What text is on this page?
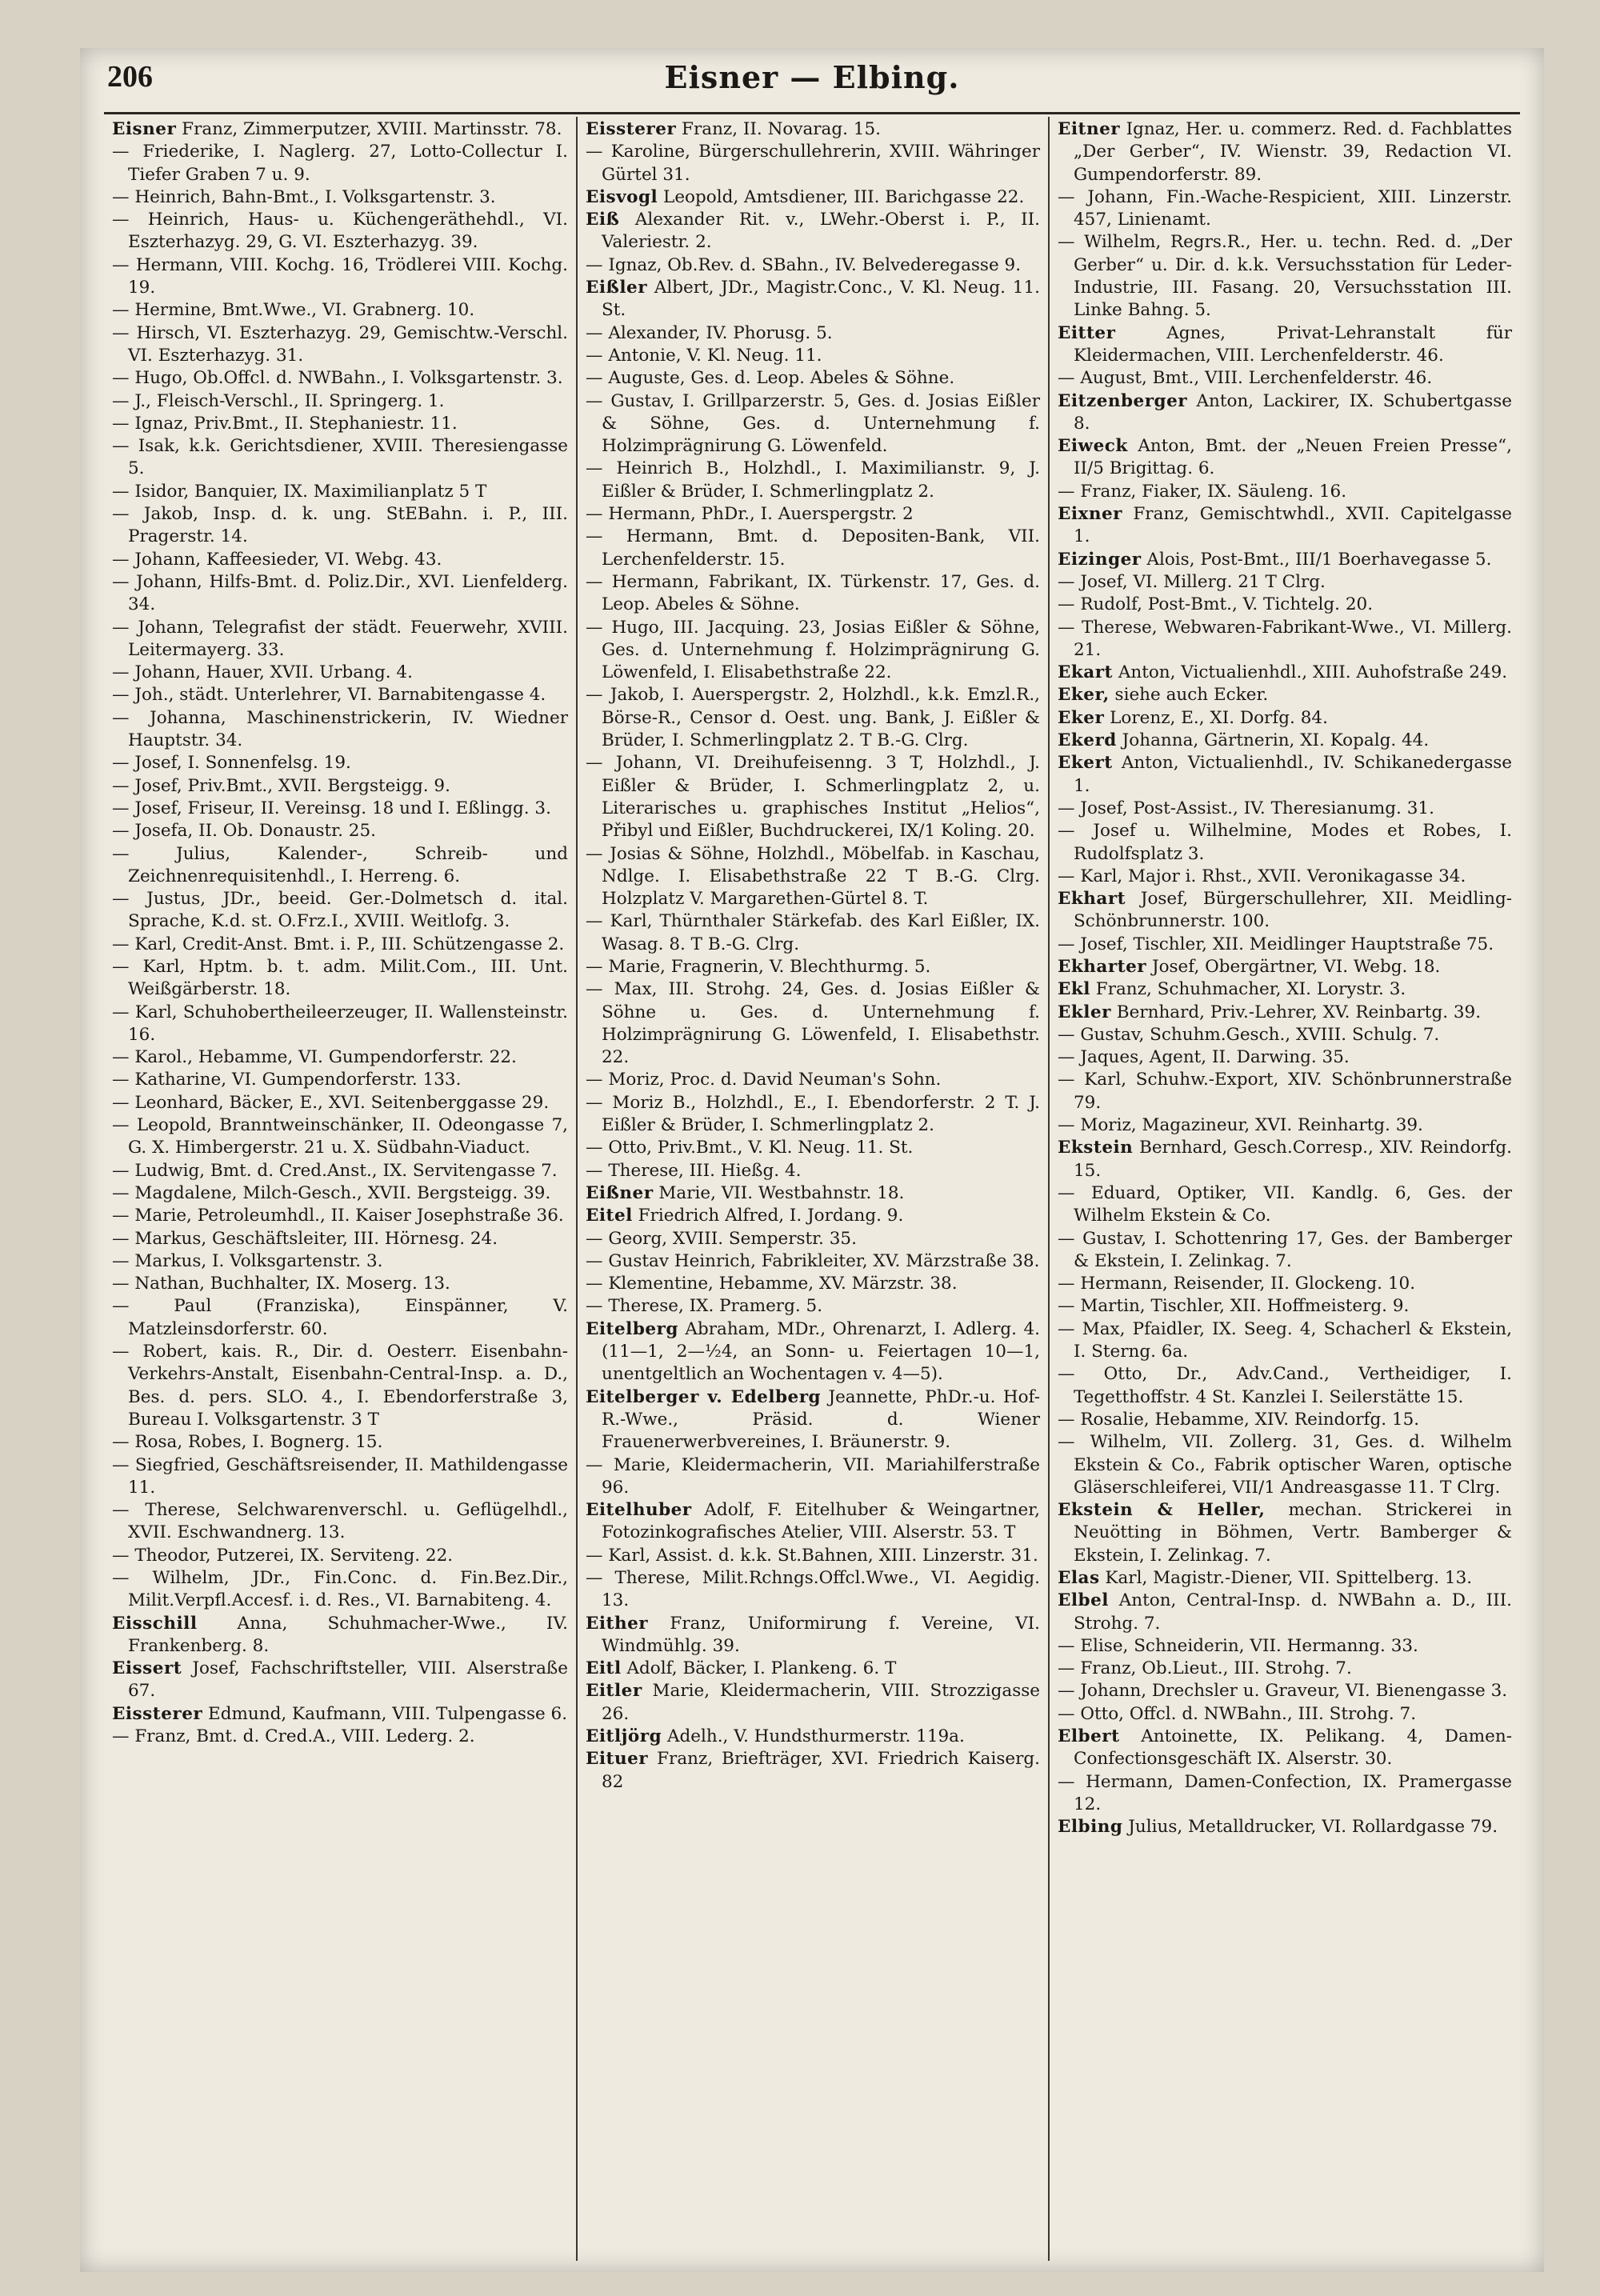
206	Eisner — Elbing.
Eisner Franz, Zimmerputzer, XVIII. Martinsstr. 78.
— Friederike, I. Naglerg. 27, Lotto-Collectur I. Tiefer Graben 7 u. 9.
— Heinrich, Bahn-Bmt., I. Volksgartenstr. 3.
— Heinrich, Haus- u. Küchengeräthehdl., VI. Eszterhazyg. 29, G. VI. Eszterhazyg. 39.
— Hermann, VIII. Kochg. 16, Trödlerei VIII. Kochg. 19.
— Hermine, Bmt.Wwe., VI. Grabnerg. 10.
— Hirsch, VI. Eszterhazyg. 29, Gemischtw.-Verschl. VI. Eszterhazyg. 31.
— Hugo, Ob.Offcl. d. NWBahn., I. Volksgartenstr. 3.
— J., Fleisch-Verschl., II. Springerg. 1.
— Ignaz, Priv.Bmt., II. Stephaniestr. 11.
— Isak, k.k. Gerichtsdiener, XVIII. Theresiengasse 5.
— Isidor, Banquier, IX. Maximilianplatz 5 T
— Jakob, Insp. d. k. ung. StEBahn. i. P., III. Pragerstr. 14.
— Johann, Kaffeesieder, VI. Webg. 43.
— Johann, Hilfs-Bmt. d. Poliz.Dir., XVI. Lienfelderg. 34.
— Johann, Telegrafist der städt. Feuerwehr, XVIII. Leitermayerg. 33.
— Johann, Hauer, XVII. Urbang. 4.
— Joh., städt. Unterlehrer, VI. Barnabitengasse 4.
— Johanna, Maschinenstrickerin, IV. Wiedner Hauptstr. 34.
— Josef, I. Sonnenfelsg. 19.
— Josef, Priv.Bmt., XVII. Bergsteigg. 9.
— Josef, Friseur, II. Vereinsg. 18 und I. Eßlingg. 3.
— Josefa, II. Ob. Donaustr. 25.
— Julius, Kalender-, Schreib- und Zeichnenrequisitenhdl., I. Herreng. 6.
— Justus, JDr., beeid. Ger.-Dolmetsch d. ital. Sprache, K.d. st. O.Frz.I., XVIII. Weitlofg. 3.
— Karl, Credit-Anst. Bmt. i. P., III. Schützengasse 2.
— Karl, Hptm. b. t. adm. Milit.Com., III. Unt. Weißgärberstr. 18.
— Karl, Schuhobertheileerzeuger, II. Wallensteinstr. 16.
— Karol., Hebamme, VI. Gumpendorferstr. 22.
— Katharine, VI. Gumpendorferstr. 133.
— Leonhard, Bäcker, E., XVI. Seitenberggasse 29.
— Leopold, Branntweinschänker, II. Odeongasse 7, G. X. Himbergerstr. 21 u. X. Südbahn-Viaduct.
— Ludwig, Bmt. d. Cred.Anst., IX. Servitengasse 7.
— Magdalene, Milch-Gesch., XVII. Bergsteigg. 39.
— Marie, Petroleumhdl., II. Kaiser Josephstraße 36.
— Markus, Geschäftsleiter, III. Hörnesg. 24.
— Markus, I. Volksgartenstr. 3.
— Nathan, Buchhalter, IX. Moserg. 13.
— Paul (Franziska), Einspänner, V. Matzleinsdorferstr. 60.
— Robert, kais. R., Dir. d. Oesterr. Eisenbahn-Verkehrs-Anstalt, Eisenbahn-Central-Insp. a. D., Bes. d. pers. SLO. 4., I. Ebendorferstraße 3, Bureau I. Volksgartenstr. 3 T
— Rosa, Robes, I. Bognerg. 15.
— Siegfried, Geschäftsreisender, II. Mathildengasse 11.
— Therese, Selchwarenverschl. u. Geflügelhdl., XVII. Eschwandnerg. 13.
— Theodor, Putzerei, IX. Serviteng. 22.
— Wilhelm, JDr., Fin.Conc. d. Fin.Bez.Dir., Milit.Verpfl.Accesf. i. d. Res., VI. Barnabiteng. 4.
Eisschill Anna, Schuhmacher-Wwe., IV. Frankenberg. 8.
Eissert Josef, Fachschriftsteller, VIII. Alserstraße 67.
Eissterer Edmund, Kaufmann, VIII. Tulpengasse 6.
— Franz, Bmt. d. Cred.A., VIII. Lederg. 2.
Eissterer Franz, II. Novarag. 15.
— Karoline, Bürgerschullehrerin, XVIII. Währinger Gürtel 31.
Eisvogl Leopold, Amtsdiener, III. Barichgasse 22.
Eiß Alexander Rit. v., LWehr.-Oberst i. P., II. Valeriestr. 2.
— Ignaz, Ob.Rev. d. SBahn., IV. Belvederegasse 9.
Eißler Albert, JDr., Magistr.Conc., V. Kl. Neug. 11. St.
— Alexander, IV. Phorusg. 5.
— Antonie, V. Kl. Neug. 11.
— Auguste, Ges. d. Leop. Abeles & Söhne.
— Gustav, I. Grillparzerstr. 5, Ges. d. Josias Eißler & Söhne, Ges. d. Unternehmung f. Holzimprägnirung G. Löwenfeld.
— Heinrich B., Holzhdl., I. Maximilianstr. 9, J. Eißler & Brüder, I. Schmerlingplatz 2.
— Hermann, PhDr., I. Auerspergstr. 2
— Hermann, Bmt. d. Depositen-Bank, VII. Lerchenfelderstr. 15.
— Hermann, Fabrikant, IX. Türkenstr. 17, Ges. d. Leop. Abeles & Söhne.
— Hugo, III. Jacquing. 23, Josias Eißler & Söhne, Ges. d. Unternehmung f. Holzimprägnirung G. Löwenfeld, I. Elisabethstraße 22.
— Jakob, I. Auerspergstr. 2, Holzhdl., k.k. Emzl.R., Börse-R., Censor d. Oest. ung. Bank, J. Eißler & Brüder, I. Schmerlingplatz 2. T B.-G. Clrg.
— Johann, VI. Dreihufeisenng. 3 T, Holzhdl., J. Eißler & Brüder, I. Schmerlingplatz 2, u. Literarisches u. graphisches Institut „Helios“, Přibyl und Eißler, Buchdruckerei, IX/1 Koling. 20.
— Josias & Söhne, Holzhdl., Möbelfab. in Kaschau, Ndlge. I. Elisabethstraße 22 T B.-G. Clrg. Holzplatz V. Margarethen-Gürtel 8. T.
— Karl, Thürnthaler Stärkefab. des Karl Eißler, IX. Wasag. 8. T B.-G. Clrg.
— Marie, Fragnerin, V. Blechthurmg. 5.
— Max, III. Strohg. 24, Ges. d. Josias Eißler & Söhne u. Ges. d. Unternehmung f. Holzimprägnirung G. Löwenfeld, I. Elisabethstr. 22.
— Moriz, Proc. d. David Neuman's Sohn.
— Moriz B., Holzhdl., E., I. Ebendorferstr. 2 T. J. Eißler & Brüder, I. Schmerlingplatz 2.
— Otto, Priv.Bmt., V. Kl. Neug. 11. St.
— Therese, III. Hießg. 4.
Eißner Marie, VII. Westbahnstr. 18.
Eitel Friedrich Alfred, I. Jordang. 9.
— Georg, XVIII. Semperstr. 35.
— Gustav Heinrich, Fabrikleiter, XV. Märzstraße 38.
— Klementine, Hebamme, XV. Märzstr. 38.
— Therese, IX. Pramerg. 5.
Eitelberg Abraham, MDr., Ohrenarzt, I. Adlerg. 4. (11—1, 2—½4, an Sonn- u. Feiertagen 10—1, unentgeltlich an Wochentagen v. 4—5).
Eitelberger v. Edelberg Jeannette, PhDr.-u. Hof-R.-Wwe., Präsid. d. Wiener Frauenerwerbvereines, I. Bräunerstr. 9.
— Marie, Kleidermacherin, VII. Mariahilferstraße 96.
Eitelhuber Adolf, F. Eitelhuber & Weingartner, Fotozinkografisches Atelier, VIII. Alserstr. 53. T
— Karl, Assist. d. k.k. St.Bahnen, XIII. Linzerstr. 31.
— Therese, Milit.Rchngs.Offcl.Wwe., VI. Aegidig. 13.
Either Franz, Uniformirung f. Vereine, VI. Windmühlg. 39.
Eitl Adolf, Bäcker, I. Plankeng. 6. T
Eitler Marie, Kleidermacherin, VIII. Strozzigasse 26.
Eitljörg Adelh., V. Hundsthurmerstr. 119a.
Eituer Franz, Briefträger, XVI. Friedrich Kaiserg. 82
Eitner Ignaz, Her. u. commerz. Red. d. Fachblattes „Der Gerber“, IV. Wienstr. 39, Redaction VI. Gumpendorferstr. 89.
— Johann, Fin.-Wache-Respicient, XIII. Linzerstr. 457, Linienamt.
— Wilhelm, Regrs.R., Her. u. techn. Red. d. „Der Gerber“ u. Dir. d. k.k. Versuchsstation für Leder-Industrie, III. Fasang. 20, Versuchsstation III. Linke Bahng. 5.
Eitter Agnes, Privat-Lehranstalt für Kleidermachen, VIII. Lerchenfelderstr. 46.
— August, Bmt., VIII. Lerchenfelderstr. 46.
Eitzenberger Anton, Lackirer, IX. Schubertgasse 8.
Eiweck Anton, Bmt. der „Neuen Freien Presse“, II/5 Brigittag. 6.
— Franz, Fiaker, IX. Säuleng. 16.
Eixner Franz, Gemischtwhdl., XVII. Capitelgasse 1.
Eizinger Alois, Post-Bmt., III/1 Boerhavegasse 5.
— Josef, VI. Millerg. 21 T Clrg.
— Rudolf, Post-Bmt., V. Tichtelg. 20.
— Therese, Webwaren-Fabrikant-Wwe., VI. Millerg. 21.
Ekart Anton, Victualienhdl., XIII. Auhofstraße 249.
Eker, siehe auch Ecker.
Eker Lorenz, E., XI. Dorfg. 84.
Ekerd Johanna, Gärtnerin, XI. Kopalg. 44.
Ekert Anton, Victualienhdl., IV. Schikanedergasse 1.
— Josef, Post-Assist., IV. Theresianumg. 31.
— Josef u. Wilhelmine, Modes et Robes, I. Rudolfsplatz 3.
— Karl, Major i. Rhst., XVII. Veronikagasse 34.
Ekhart Josef, Bürgerschullehrer, XII. Meidling-Schönbrunnerstr. 100.
— Josef, Tischler, XII. Meidlinger Hauptstraße 75.
Ekharter Josef, Obergärtner, VI. Webg. 18.
Ekl Franz, Schuhmacher, XI. Lorystr. 3.
Ekler Bernhard, Priv.-Lehrer, XV. Reinbartg. 39.
— Gustav, Schuhm.Gesch., XVIII. Schulg. 7.
— Jaques, Agent, II. Darwing. 35.
— Karl, Schuhw.-Export, XIV. Schönbrunnerstraße 79.
— Moriz, Magazineur, XVI. Reinhartg. 39.
Ekstein Bernhard, Gesch.Corresp., XIV. Reindorfg. 15.
— Eduard, Optiker, VII. Kandlg. 6, Ges. der Wilhelm Ekstein & Co.
— Gustav, I. Schottenring 17, Ges. der Bamberger & Ekstein, I. Zelinkag. 7.
— Hermann, Reisender, II. Glockeng. 10.
— Martin, Tischler, XII. Hoffmeisterg. 9.
— Max, Pfaidler, IX. Seeg. 4, Schacherl & Ekstein, I. Sterng. 6a.
— Otto, Dr., Adv.Cand., Vertheidiger, I. Tegetthoffstr. 4 St. Kanzlei I. Seilerstätte 15.
— Rosalie, Hebamme, XIV. Reindorfg. 15.
— Wilhelm, VII. Zollerg. 31, Ges. d. Wilhelm Ekstein & Co., Fabrik optischer Waren, optische Gläserschleiferei, VII/1 Andreasgasse 11. T Clrg.
Ekstein & Heller, mechan. Strickerei in Neuötting in Böhmen, Vertr. Bamberger & Ekstein, I. Zelinkag. 7.
Elas Karl, Magistr.-Diener, VII. Spittelberg. 13.
Elbel Anton, Central-Insp. d. NWBahn a. D., III. Strohg. 7.
— Elise, Schneiderin, VII. Hermanng. 33.
— Franz, Ob.Lieut., III. Strohg. 7.
— Johann, Drechsler u. Graveur, VI. Bienengasse 3.
— Otto, Offcl. d. NWBahn., III. Strohg. 7.
Elbert Antoinette, IX. Pelikang. 4, Damen-Confectionsgeschäft IX. Alserstr. 30.
— Hermann, Damen-Confection, IX. Pramergasse 12.
Elbing Julius, Metalldrucker, VI. Rollardgasse 79.
